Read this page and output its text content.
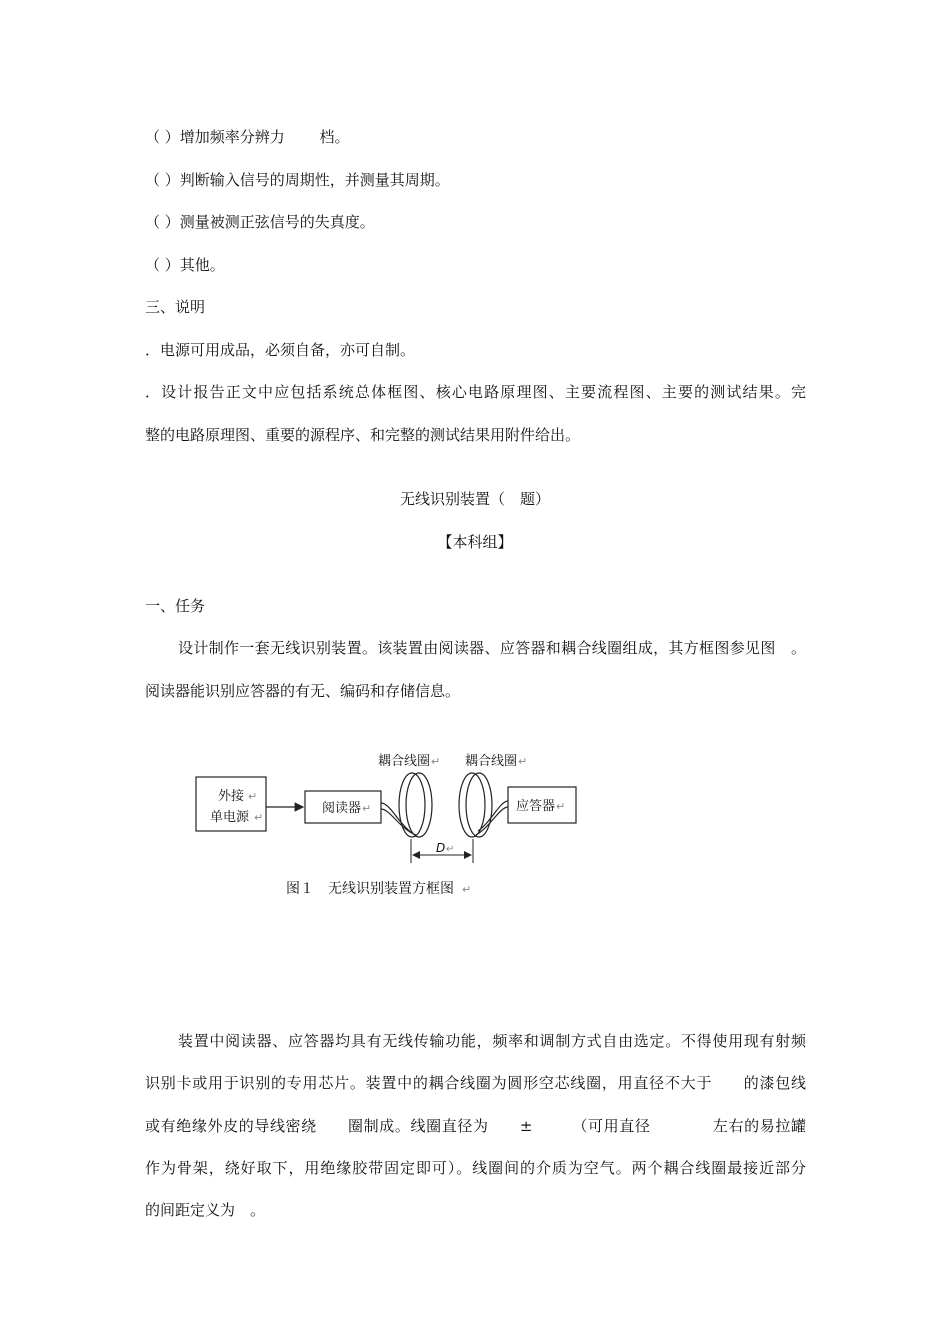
（ ）增加频率分辨力　　 档。
（ ）判断输入信号的周期性，并测量其周期。
（ ）测量被测正弦信号的失真度。
（ ）其他。
三、说明
．电源可用成品，必须自备，亦可自制。
．设计报告正文中应包括系统总体框图、核心电路原理图、主要流程图、主要的测试结果。完
整的电路原理图、重要的源程序、和完整的测试结果用附件给出。
无线识别装置（　题）
【本科组】
一、任务
设计制作一套无线识别装置。该装置由阅读器、应答器和耦合线圈组成，其方框图参见图　。
阅读器能识别应答器的有无、编码和存储信息。
耦合线圈 ↵ 耦合线圈 ↵
外接
单电源
↵
↵
阅读器 ↵	应答器 ↵
D ↵
图１　无线识别装置方框图 ↵
装置中阅读器、应答器均具有无线传输功能，频率和调制方式自由选定。不得使用现有射频
识别卡或用于识别的专用芯片。装置中的耦合线圈为圆形空芯线圈，用直径不大于　　的漆包线
或有绝缘外皮的导线密绕　　圈制成。线圈直径为　　±　　　（可用直径　　　　左右的易拉罐
作为骨架，绕好取下，用绝缘胶带固定即可）。线圈间的介质为空气。两个耦合线圈最接近部分
的间距定义为　。
